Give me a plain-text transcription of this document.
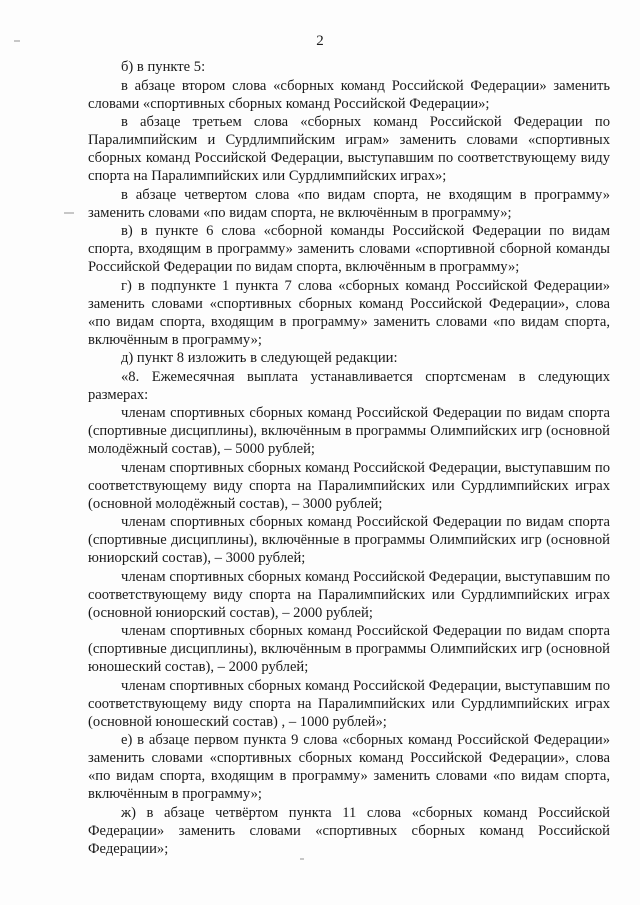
2

б) в пункте 5:

в абзаце втором слова «сборных команд Российской Федерации» заменить словами «спортивных сборных команд Российской Федерации»;

в абзаце третьем слова «сборных команд Российской Федерации по Паралимпийским и Сурдлимпийским играм» заменить словами «спортивных сборных команд Российской Федерации, выступавшим по соответствующему виду спорта на Паралимпийских или Сурдлимпийских играх»;

в абзаце четвертом слова «по видам спорта, не входящим в программу» заменить словами «по видам спорта, не включённым в программу»;

в) в пункте 6 слова «сборной команды Российской Федерации по видам спорта, входящим в программу» заменить словами «спортивной сборной команды Российской Федерации по видам спорта, включённым в программу»;

г) в подпункте 1 пункта 7 слова «сборных команд Российской Федерации» заменить словами «спортивных сборных команд Российской Федерации», слова «по видам спорта, входящим в программу» заменить словами «по видам спорта, включённым в программу»;

д) пункт 8 изложить в следующей редакции:

«8. Ежемесячная выплата устанавливается спортсменам в следующих размерах:

членам спортивных сборных команд Российской Федерации по видам спорта (спортивные дисциплины), включённым в программы Олимпийских игр (основной молодёжный состав), – 5000 рублей;

членам спортивных сборных команд Российской Федерации, выступавшим по соответствующему виду спорта на Паралимпийских или Сурдлимпийских играх (основной молодёжный состав), – 3000 рублей;

членам спортивных сборных команд Российской Федерации по видам спорта (спортивные дисциплины), включённые в программы Олимпийских игр (основной юниорский состав), – 3000 рублей;

членам спортивных сборных команд Российской Федерации, выступавшим по соответствующему виду спорта на Паралимпийских или Сурдлимпийских играх (основной юниорский состав), – 2000 рублей;

членам спортивных сборных команд Российской Федерации по видам спорта (спортивные дисциплины), включённым в программы Олимпийских игр (основной юношеский состав), – 2000 рублей;

членам спортивных сборных команд Российской Федерации, выступавшим по соответствующему виду спорта на Паралимпийских или Сурдлимпийских играх (основной юношеский состав) , – 1000 рублей»;

е) в абзаце первом пункта 9 слова «сборных команд Российской Федерации» заменить словами «спортивных сборных команд Российской Федерации», слова «по видам спорта, входящим в программу» заменить словами «по видам спорта, включённым в программу»;

ж) в абзаце четвёртом пункта 11 слова «сборных команд Российской Федерации» заменить словами «спортивных сборных команд Российской Федерации»;
